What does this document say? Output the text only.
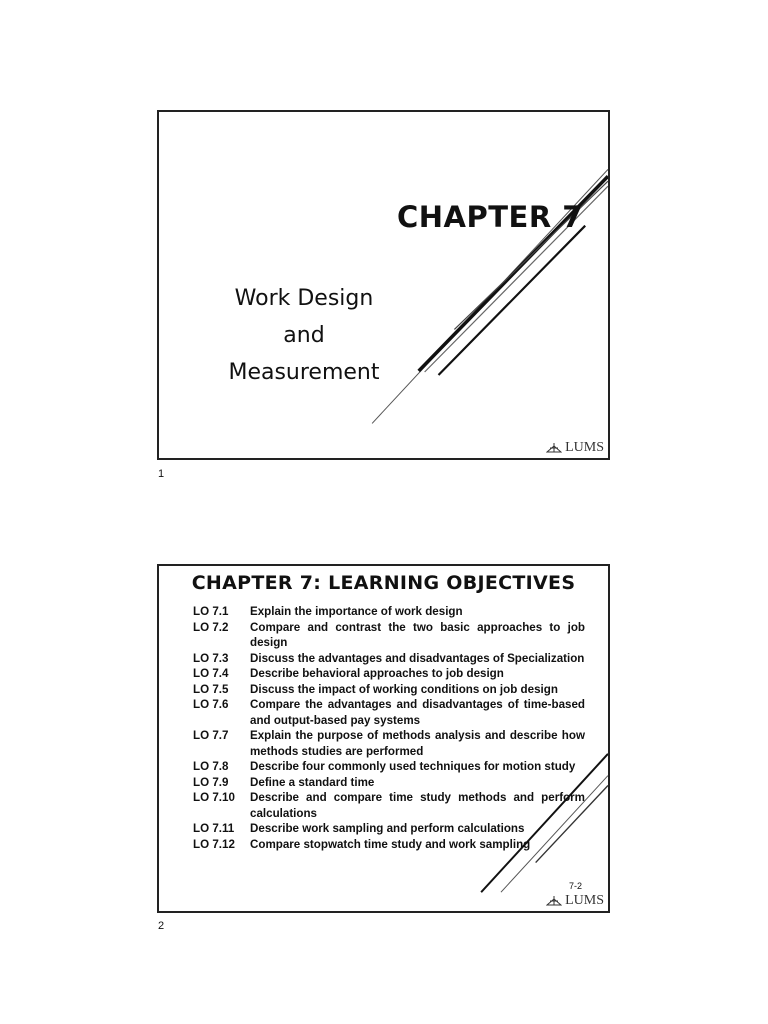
CHAPTER 7
Work Design
and
Measurement
LUMS
1
CHAPTER 7: LEARNING OBJECTIVES
LO 7.1	Explain the importance of work design
LO 7.2	Compare and contrast the two basic approaches to job design
LO 7.3	Discuss the advantages and disadvantages of Specialization
LO 7.4	Describe behavioral approaches to job design
LO 7.5	Discuss the impact of working conditions on job design
LO 7.6	Compare the advantages and disadvantages of time-based and output-based pay systems
LO 7.7	Explain the purpose of methods analysis and describe how methods studies are performed
LO 7.8	Describe four commonly used techniques for motion study
LO 7.9	Define a standard time
LO 7.10	Describe and compare time study methods and perform calculations
LO 7.11	Describe work sampling and perform calculations
LO 7.12	Compare stopwatch time study and work sampling
7-2
LUMS
2
